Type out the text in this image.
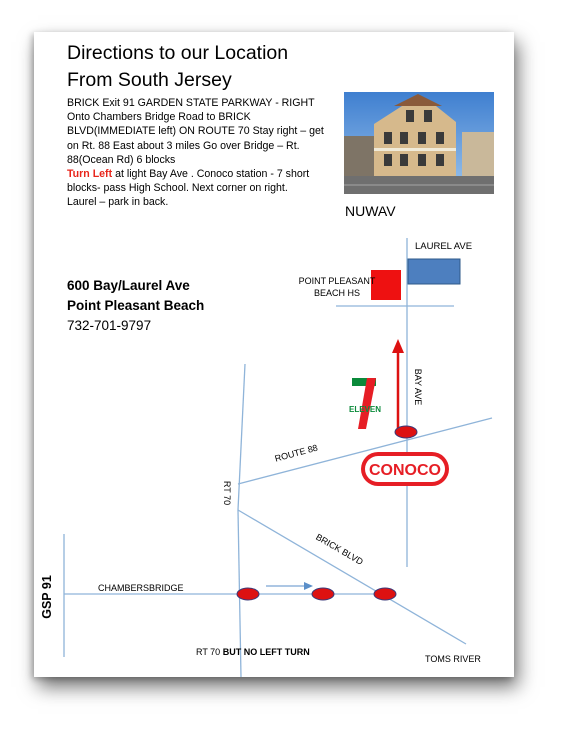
Directions to our Location
From South Jersey
BRICK Exit 91 GARDEN STATE PARKWAY - RIGHT Onto Chambers Bridge Road to BRICK BLVD(IMMEDIATE left) ON ROUTE 70 Stay right – get on Rt. 88 East about 3 miles Go over Bridge – Rt. 88(Ocean Rd) 6 blocks
Turn Left at light Bay Ave . Conoco station - 7 short blocks- pass High School. Next corner on right.
Laurel – park in back.
NUWAV
600 Bay/Laurel Ave
Point Pleasant Beach
732-701-9797
ELEVEN
CONOCO
LAUREL AVE
POINT PLEASANT
BEACH HS
BAY AVE
ROUTE 88
RT 70
BRICK BLVD
CHAMBERSBRIDGE
GSP 91
RT 70 BUT NO LEFT TURN
TOMS RIVER
